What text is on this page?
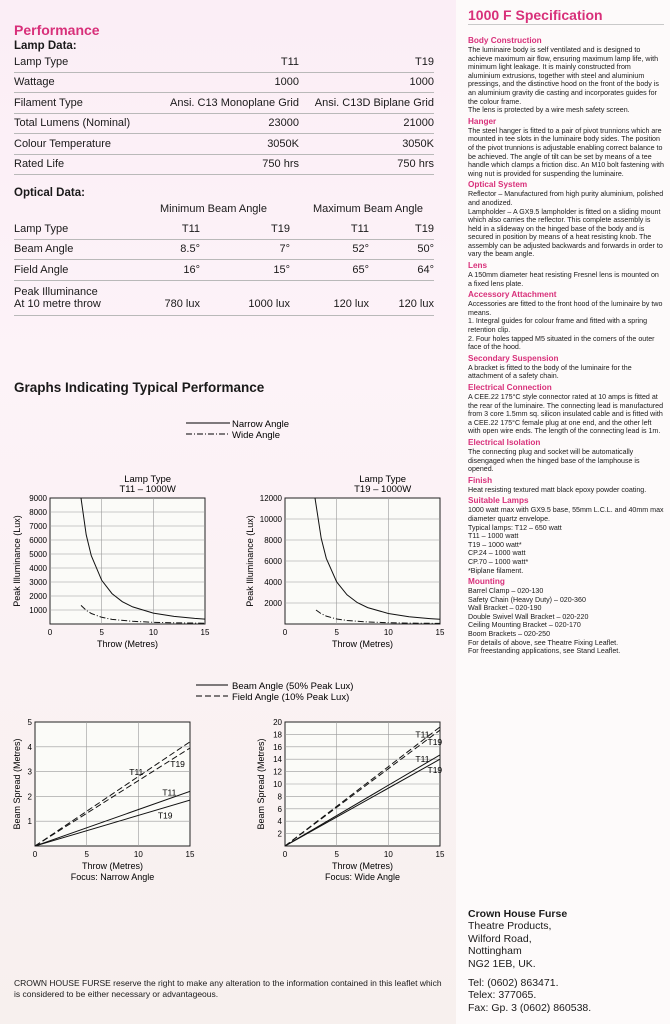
Performance
Lamp Data:
Lamp Type	T11	T19
Wattage	1000	1000
Filament Type	Ansi. C13 Monoplane Grid	Ansi. C13D Biplane Grid
Total Lumens (Nominal)	23000	21000
Colour Temperature	3050K	3050K
Rated Life	750 hrs	750 hrs
Optical Data:
Minimum Beam Angle	Maximum Beam Angle
Lamp Type	T11	T19	T11	T19
Beam Angle	8.5°	7°	52°	50°
Field Angle	16°	15°	65°	64°
Peak Illuminance
At 10 metre throw	780 lux	1000 lux	120 lux	120 lux
Graphs Indicating Typical Performance
Narrow Angle
Wide Angle
Beam Angle (50% Peak Lux)
Field Angle (10% Peak Lux)
0	5	10	15
1000
2000
3000
4000
5000
6000
7000
8000
9000
Throw (Metres)
Peak Illuminance (Lux)
Lamp Type
T11 – 1000W
0	5	10	15
2000
4000
6000
8000
10000
12000
Throw (Metres)
Peak Illuminance (Lux)
Lamp Type
T19 – 1000W
0	5	10	15
1
2
3
4
5
Throw (Metres)
Beam Spread (Metres)
Focus: Narrow Angle
T11
T19
T11
T19
0	5	10	15
2
4
6
8
10
12
14
16
18
20
Throw (Metres)
Beam Spread (Metres)
Focus: Wide Angle
T11
T19
T11
T19
CROWN HOUSE FURSE reserve the right to make any alteration to the information contained in this leaflet which is considered to be either necessary or advantageous.
1000 F Specification
Body Construction

The luminaire body is self ventilated and is designed to achieve maximum air flow, ensuring maximum lamp life, with minimum light leakage. It is mainly constructed from aluminium extrusions, together with steel and aluminium pressings, and the distinctive hood on the front of the body is an aluminium gravity die casting and incorporates guides for the colour frame.
The lens is protected by a wire mesh safety screen.

Hanger

The steel hanger is fitted to a pair of pivot trunnions which are mounted in tee slots in the luminaire body sides. The position of the pivot trunnions is adjustable enabling correct balance to be achieved. The angle of tilt can be set by means of a tee handle which clamps a friction disc. An M10 bolt fastening with wing nut is provided for suspending the luminaire.

Optical System

Reflector – Manufactured from high purity aluminium, polished and anodized.
Lampholder – A GX9.5 lampholder is fitted on a sliding mount which also carries the reflector. This complete assembly is held in a slideway on the hinged base of the body and is secured in position by means of a heat resisting knob. The assembly can be adjusted backwards and forwards in order to vary the beam angle.

Lens

A 150mm diameter heat resisting Fresnel lens is mounted on a fixed lens plate.

Accessory Attachment

Accessories are fitted to the front hood of the luminaire by two means.
1. Integral guides for colour frame and fitted with a spring retention clip.
2. Four holes tapped M5 situated in the corners of the outer face of the hood.

Secondary Suspension

A bracket is fitted to the body of the luminaire for the attachment of a safety chain.

Electrical Connection

A CEE.22 175°C style connector rated at 10 amps is fitted at the rear of the luminaire. The connecting lead is manufactured from 3 core 1.5mm sq. silicon insulated cable and is fitted with a CEE.22 175°C female plug at one end, and the other left with open wire ends. The length of the connecting lead is 1m.

Electrical Isolation

The connecting plug and socket will be automatically disengaged when the hinged base of the lamphouse is opened.

Finish

Heat resisting textured matt black epoxy powder coating.

Suitable Lamps

1000 watt max with GX9.5 base, 55mm L.C.L. and 40mm max diameter quartz envelope.
Typical lamps: T12 – 650 watt
T11 – 1000 watt
T19 – 1000 watt*
CP.24 – 1000 watt
CP.70 – 1000 watt*
*Biplane filament.

Mounting

Barrel Clamp – 020-130
Safety Chain (Heavy Duty) – 020-360
Wall Bracket – 020-190
Double Swivel Wall Bracket – 020-220
Ceiling Mounting Bracket – 020-170
Boom Brackets – 020-250
For details of above, see Theatre Fixing Leaflet.
For freestanding applications, see Stand Leaflet.

Crown House Furse
Theatre Products,
Wilford Road,
Nottingham
NG2 1EB, UK.
Tel: (0602) 863471.
Telex: 377065.
Fax: Gp. 3 (0602) 860538.
